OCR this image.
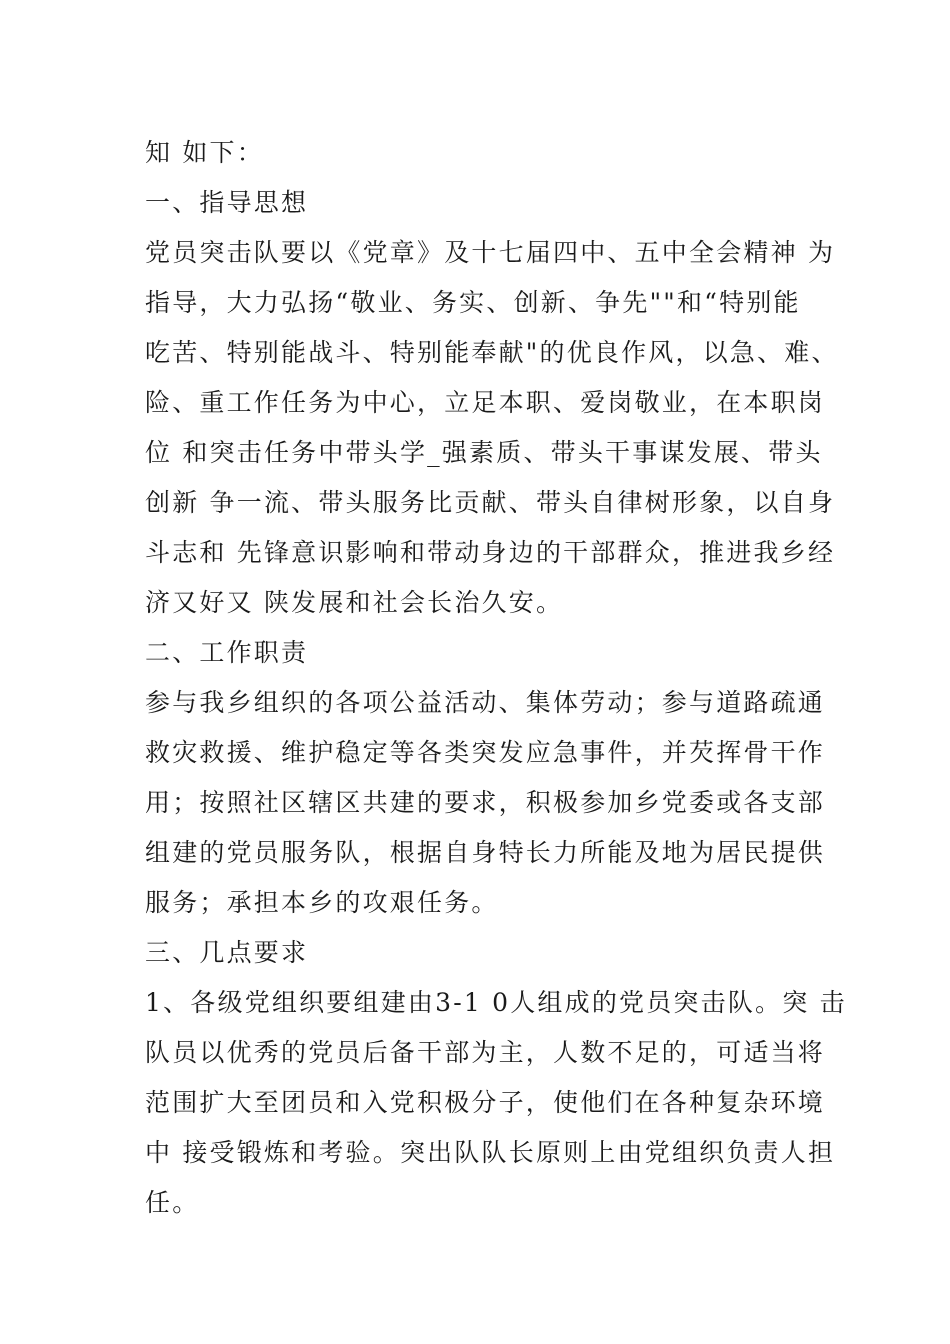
知 如下：
一、指导思想
党员突击队要以《党章》及十七届四中、五中全会精神 为
指导，大力弘扬“敬业、务实、创新、争先""和“特别能
吃苦、特别能战斗、特别能奉献"的优良作风，以急、难、
险、重工作任务为中心，立足本职、爱岗敬业，在本职岗
位 和突击任务中带头学_强素质、带头干事谋发展、带头
创新 争一流、带头服务比贡献、带头自律树形象，以自身
斗志和 先锋意识影响和带动身边的干部群众，推进我乡经
济又好又 陕发展和社会长治久安。
二、工作职责
参与我乡组织的各项公益活动、集体劳动；参与道路疏通
救灾救援、维护稳定等各类突发应急事件，并芡挥骨干作
用；按照社区辖区共建的要求，积极参加乡党委或各支部
组建的党员服务队，根据自身特长力所能及地为居民提供
服务；承担本乡的攻艰任务。
三、几点要求
1、各级党组织要组建由3-1 0人组成的党员突击队。突 击
队员以优秀的党员后备干部为主，人数不足的，可适当将
范围扩大至团员和入党积极分子，使他们在各种复杂环境
中 接受锻炼和考验。突出队队长原则上由党组织负责人担
任。
